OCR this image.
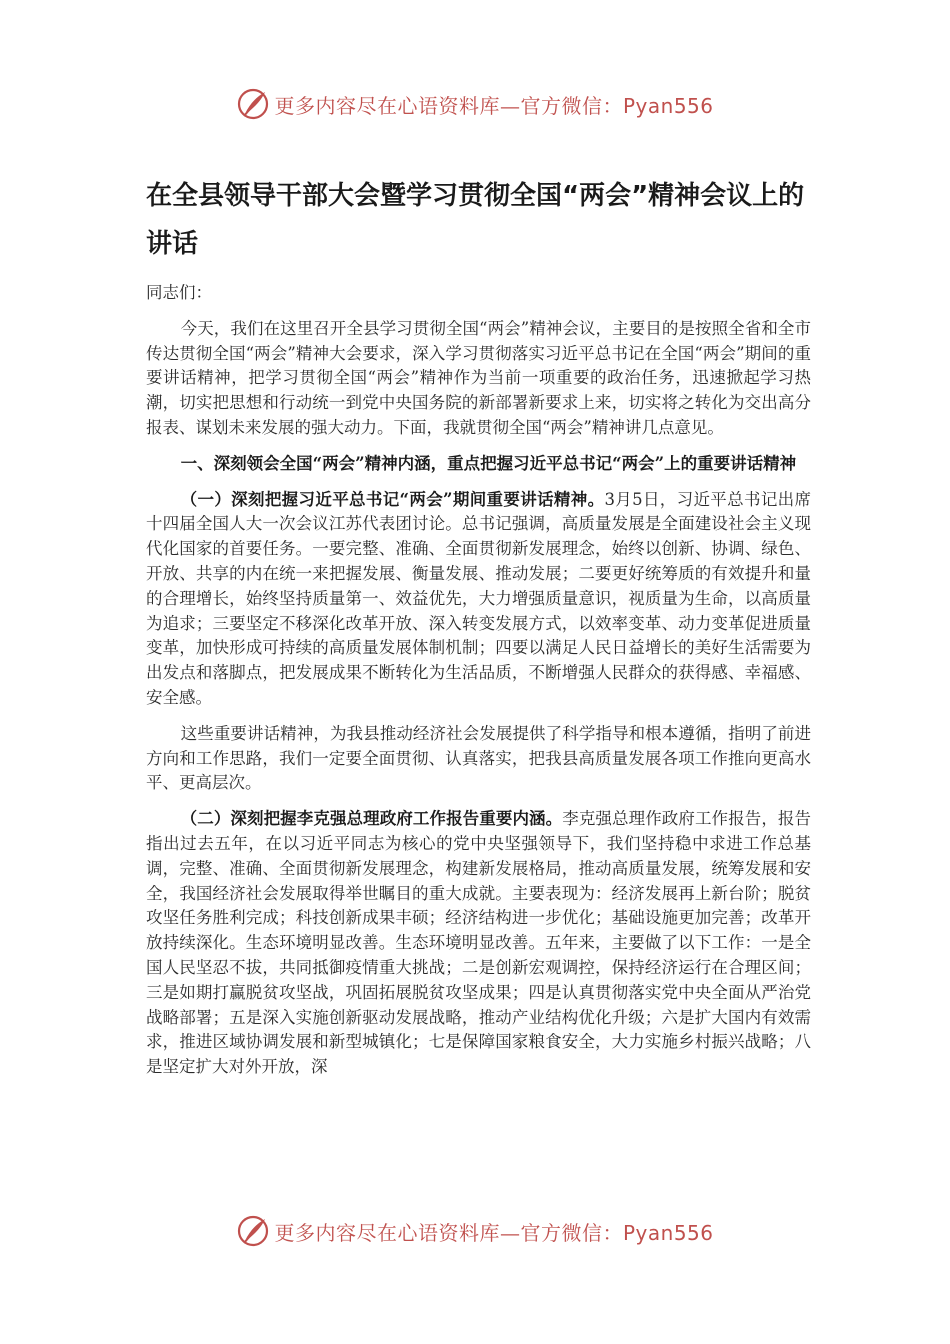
更多内容尽在心语资料库—官方微信：Pyan556
在全县领导干部大会暨学习贯彻全国“两会”精神会议上的讲话

同志们：

今天，我们在这里召开全县学习贯彻全国“两会”精神会议，主要目的是按照全省和全市传达贯彻全国“两会”精神大会要求，深入学习贯彻落实习近平总书记在全国“两会”期间的重要讲话精神，把学习贯彻全国“两会”精神作为当前一项重要的政治任务，迅速掀起学习热潮，切实把思想和行动统一到党中央国务院的新部署新要求上来，切实将之转化为交出高分报表、谋划未来发展的强大动力。下面，我就贯彻全国“两会”精神讲几点意见。

一、深刻领会全国“两会”精神内涵，重点把握习近平总书记“两会”上的重要讲话精神

（一）深刻把握习近平总书记“两会”期间重要讲话精神。3月5日，习近平总书记出席十四届全国人大一次会议江苏代表团讨论。总书记强调，高质量发展是全面建设社会主义现代化国家的首要任务。一要完整、准确、全面贯彻新发展理念，始终以创新、协调、绿色、开放、共享的内在统一来把握发展、衡量发展、推动发展；二要更好统筹质的有效提升和量的合理增长，始终坚持质量第一、效益优先，大力增强质量意识，视质量为生命，以高质量为追求；三要坚定不移深化改革开放、深入转变发展方式，以效率变革、动力变革促进质量变革，加快形成可持续的高质量发展体制机制；四要以满足人民日益增长的美好生活需要为出发点和落脚点，把发展成果不断转化为生活品质，不断增强人民群众的获得感、幸福感、安全感。

这些重要讲话精神，为我县推动经济社会发展提供了科学指导和根本遵循，指明了前进方向和工作思路，我们一定要全面贯彻、认真落实，把我县高质量发展各项工作推向更高水平、更高层次。

（二）深刻把握李克强总理政府工作报告重要内涵。李克强总理作政府工作报告，报告指出过去五年，在以习近平同志为核心的党中央坚强领导下，我们坚持稳中求进工作总基调，完整、准确、全面贯彻新发展理念，构建新发展格局，推动高质量发展，统筹发展和安全，我国经济社会发展取得举世瞩目的重大成就。主要表现为：经济发展再上新台阶；脱贫攻坚任务胜利完成；科技创新成果丰硕；经济结构进一步优化；基础设施更加完善；改革开放持续深化。生态环境明显改善。生态环境明显改善。五年来，主要做了以下工作：一是全国人民坚忍不拔，共同抵御疫情重大挑战；二是创新宏观调控，保持经济运行在合理区间；三是如期打赢脱贫攻坚战，巩固拓展脱贫攻坚成果；四是认真贯彻落实党中央全面从严治党战略部署；五是深入实施创新驱动发展战略，推动产业结构优化升级；六是扩大国内有效需求，推进区域协调发展和新型城镇化；七是保障国家粮食安全，大力实施乡村振兴战略；八是坚定扩大对外开放，深

更多内容尽在心语资料库—官方微信：Pyan556
